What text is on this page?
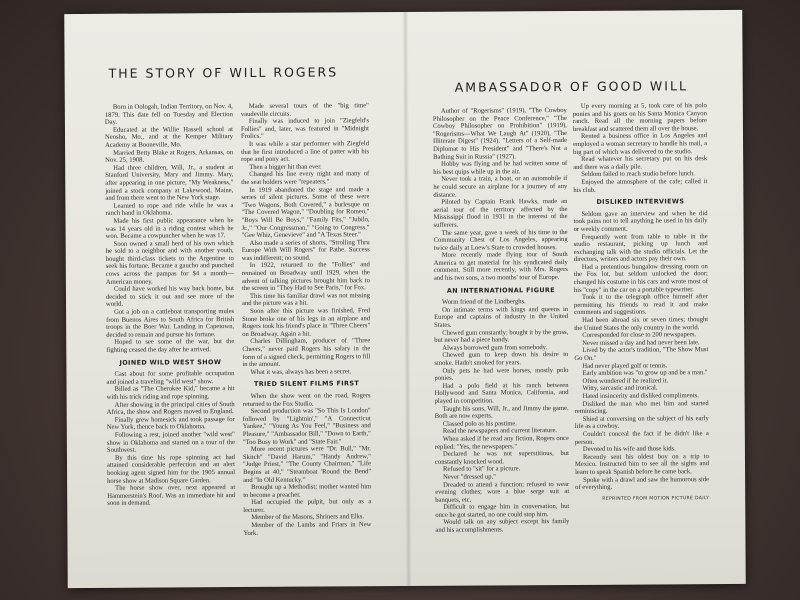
THE STORY OF WILL ROGERS
AMBASSADOR OF GOOD WILL

Born in Oologah, Indian Territory, on Nov. 4, 1879. This date fell on Tuesday and Election Day.

Educated at the Willie Hassell school at Neosho, Mo., and at the Kemper Military Academy at Booneville, Mo.

Married Betty Blake at Rogers, Arkansas, on Nov. 25, 1908.

Had three children, Will, Jr., a student at Stanford University, Mary and Jimmy. Mary, after appearing in one picture, "My Weakness," joined a stock company at Lakewood, Maine, and from there went to the New York stage.

Learned to rope and ride while he was a ranch hand in Oklahoma.

Made his first public appearance when he was 14 years old in a riding contest which he won. Became a cowpuncher when he was 17.

Soon owned a small herd of his own which he sold to a neighbor and with another youth, bought third-class tickets to the Argentine to seek his fortune. Became a gaucho and punched cows across the pampas for $4 a month—American money.

Could have worked his way back home, but decided to stick it out and see more of the world.

Got a job on a cattleboat transporting mules from Buenos Aires to South Africa for British troops in the Boer War. Landing in Capetown, decided to remain and pursue his fortune.

Hoped to see some of the war, but the fighting ceased the day after he arrived.

JOINED WILD WEST SHOW

Cast about for some profitable occupation and joined a traveling "wild west" show.

Billed as "The Cherokee Kid," became a hit with his trick riding and rope spinning.

After showing in the principal cities of South Africa, the show and Rogers moved to England.

Finally grew homesick and took passage for New York, thence back to Oklahoma.

Following a rest, joined another "wild west" show in Oklahoma and started on a tour of the Southwest.

By this time his rope spinning act had attained considerable perfection and an alert booking agent signed him for the 1905 annual horse show at Madison Square Garden.

The horse show over, next appeared at Hammerstein's Roof. Was an immediate hit and soon in demand.

Made several tours of the "big time" vaudeville circuits.

Finally was induced to join "Ziegfeld's Follies" and, later, was featured in "Midnight Frolics."

It was while a star performer with Ziegfeld that he first introduced a line of patter with his rope and pony act.

Then a bigger hit than ever.

Changed his line every night and many of the seat holders were "repeaters."

In 1919 abandoned the stage and made a series of silent pictures. Some of these were "Two Wagons, Both Covered," a burlesque on "The Covered Wagon," "Doubling for Romeo," "Boys Will Be Boys," "Family Fits," "Jubilo, Jr.," "Our Congressman," "Going to Congress," "Gee Whiz, Genevieve" and "A Texas Steer."

Also made a series of shorts, "Strolling Thru Europe With Will Rogers" for Pathe. Success was indifferent; no sound.

In 1922, returned to the "Follies" and remained on Broadway until 1929, when the advent of talking pictures brought him back to the screen in "They Had to See Paris," for Fox.

This time his familiar drawl was not missing and the picture was a hit.

Soon after this picture was finished, Fred Stone broke one of his legs in an airplane and Rogers took his friend's place in "Three Cheers" on Broadway. Again a hit.

Charles Dillingham, producer of "Three Cheers," never paid Rogers his salary in the form of a signed check, permitting Rogers to fill in the amount.

What it was, always has been a secret.

TRIED SILENT FILMS FIRST

When the show went on the road, Rogers returned to the Fox Studio.

Second production was "So This Is London" followed by "Lightnin'," "A Connecticut Yankee," "Young As You Feel," "Business and Pleasure," "Ambassador Bill," "Down to Earth," "Too Busy to Work" and "State Fair."

More recent pictures were "Dr. Bull," "Mr. Skitch" "David Harum," "Handy Andrew," "Judge Priest," "The County Chairman," "Life Begins at 40," "Steamboat 'Round the Bend" and "In Old Kentucky."

Brought up a Methodist; mother wanted him to become a preacher.

Had occupied the pulpit, but only as a lecturer.

Member of the Masons, Shriners and Elks.

Member of the Lambs and Friars in New York.

Author of "Rogerisms" (1919), "The Cowboy Philosopher on the Peace Conference," "The Cowboy Philosopher on Prohibition" (1919), "Rogerisms—What We Laugh At" (1920), "The Illiterate Digest" (1924), "Letters of a Self-made Diplomat to His President" and "There's Not a Bathing Suit in Russia" (1927).

Hobby was flying and he had written some of his best quips while up in the air.

Never took a train, a boat, or an automobile if he could secure an airplane for a journey of any distance.

Piloted by Captain Frank Hawks, made an aerial tour of the territory affected by the Mississippi flood in 1931 in the interest of the sufferers.

The same year, gave a week of his time to the Community Chest of Los Angeles, appearing twice daily at Loew's State to crowded houses.

More recently made flying tour of South America to get material for his syndicated daily comment. Still more recently, with Mrs. Rogers and his two sons, a two months' tour of Europe.

AN INTERNATIONAL FIGURE

Worm friend of the Lindberghs.

On intimate terms with kings and queens in Europe and captains of industry in the United States.

Chewed gum constantly; bought it by the gross, but never had a piece handy.

Always borrowed gum from somebody.

Chewed gum to keep down his desire to smoke. Hadn't smoked for years.

Only pets he had were horses, mostly polo ponies.

Had a polo field at his ranch between Hollywood and Santa Monica, California, and played in competition.

Taught his sons, Will, Jr., and Jimmy the game. Both are now experts.

Classed polo as his pastime.

Read the newspapers and current literature.

When asked if he read any fiction, Rogers once replied: "Yes, the newspapers."

Declared he was not superstitious, but constantly knocked wood.

Refused to "sit" for a picture.

Never "dressed up."

Dreaded to attend a function; refused to wear evening clothes; wore a blue serge suit at banquets, etc.

Difficult to engage him in conversation, but once he got started, no one could stop him.

Would talk on any subject except his family and his accomplishments.

Up every morning at 5, took care of his polo ponies and his goats on his Santa Monica Canyon ranch. Read all the morning papers before breakfast and scattered them all over the house.

Rented a business office in Los Angeles and employed a woman secretary to handle his mail, a big part of which was delivered to the studio.

Read whatever his secretary put on his desk and there was a daily pile.

Seldom failed to reach studio before lunch.

Enjoyed the atmosphere of the cafe; called it his club.

DISLIKED INTERVIEWS

Seldom gave an interview and when he did took pains not to tell anything he used in his daily or weekly comment.

Frequently went from table to table in the studio restaurant, picking up lunch and exchanging talk with the studio officials. Let the directors, writers and actors pay their own.

Had a pretentious bungalow dressing room on the Fox lot, but seldom unlocked the door; changed his costume in his cars and wrote most of his "copy" in the car on a portable typewriter.

Took it to the telegraph office himself after permitting his friends to read it and make comments and suggestions.

Had been abroad six or seven times; thought the United States the only country in the world.

Corresponded for close to 200 newspapers.

Never missed a day and had never been late.

Lived by the actor's tradition, "The Show Must Go On."

Had never played golf or tennis.

Early ambition was "to grow up and be a man."

Often wondered if he realized it.

Witty, sarcastic and ironical.

Hated insincerity and disliked compliments.

Disliked the man who met him and started reminiscing.

Shied at conversing on the subject of his early life as a cowboy.

Couldn't conceal the fact if he didn't like a person.

Devoted to his wife and those kids.

Recently sent his oldest boy on a trip to Mexico. Instructed him to see all the sights and learn to speak Spanish before he came back.

Spoke with a drawl and saw the humorous side of everything.

REPRINTED FROM MOTION PICTURE DAILY
